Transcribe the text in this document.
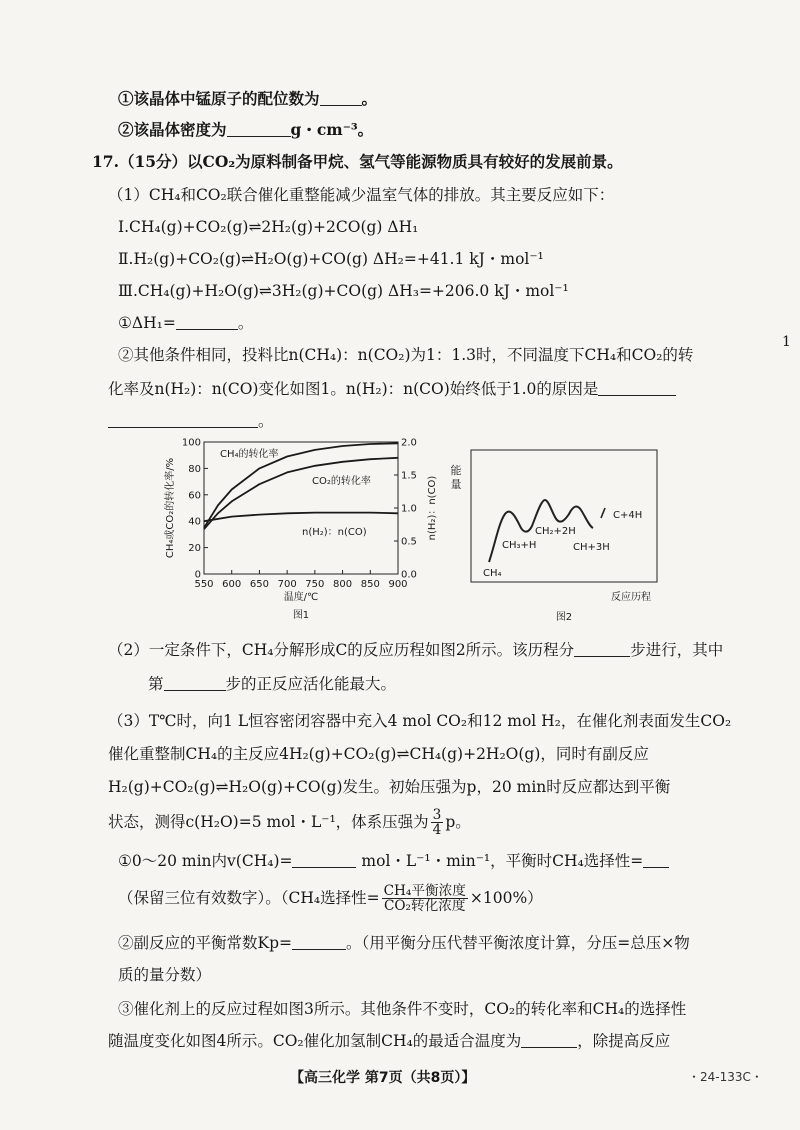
①该晶体中锰原子的配位数为	。
②该晶体密度为	g・cm⁻³。
17.（15分）以CO₂为原料制备甲烷、氢气等能源物质具有较好的发展前景。
（1）CH₄和CO₂联合催化重整能减少温室气体的排放。其主要反应如下：
Ⅰ.CH₄(g)+CO₂(g)⇌2H₂(g)+2CO(g) ΔH₁
Ⅱ.H₂(g)+CO₂(g)⇌H₂O(g)+CO(g) ΔH₂=+41.1 kJ・mol⁻¹
Ⅲ.CH₄(g)+H₂O(g)⇌3H₂(g)+CO(g) ΔH₃=+206.0 kJ・mol⁻¹
①ΔH₁=	。
②其他条件相同，投料比n(CH₄)：n(CO₂)为1：1.3时，不同温度下CH₄和CO₂的转
化率及n(H₂)：n(CO)变化如图1。n(H₂)：n(CO)始终低于1.0的原因是
。
1
550 600 650 700 750 800 850 900
0
20
40
60
80
100
0.0
0.5
1.0
1.5
2.0
CH₄的转化率
CO₂的转化率
n(H₂)：n(CO)
CH₄或CO₂的转化率/%	n(H₂)：n(CO)
温度/℃
图1
能
量
CH₄
CH₃+H
CH₂+2H
CH+3H
C+4H
反应历程
图2
（2）一定条件下，CH₄分解形成C的反应历程如图2所示。该历程分	步进行，其中
第	步的正反应活化能最大。
（3）T℃时，向1 L恒容密闭容器中充入4 mol CO₂和12 mol H₂，在催化剂表面发生CO₂
催化重整制CH₄的主反应4H₂(g)+CO₂(g)⇌CH₄(g)+2H₂O(g)，同时有副反应
H₂(g)+CO₂(g)⇌H₂O(g)+CO(g)发生。初始压强为p，20 min时反应都达到平衡
状态，测得c(H₂O)=5 mol・L⁻¹，体系压强为 $\frac{3}{4}$ p。
①0～20 min内v(CH₄)=	mol・L⁻¹・min⁻¹，平衡时CH₄选择性=
（保留三位有效数字）。（CH₄选择性= $\frac{\text{CH₄平衡浓度}}{\text{CO₂转化浓度}} \times 100\%$）
②副反应的平衡常数Kp=	。（用平衡分压代替平衡浓度计算，分压=总压×物
质的量分数）
③催化剂上的反应过程如图3所示。其他条件不变时，CO₂的转化率和CH₄的选择性
随温度变化如图4所示。CO₂催化加氢制CH₄的最适合温度为	，除提高反应
【高三化学 第7页（共8页）】	・24-133C・
